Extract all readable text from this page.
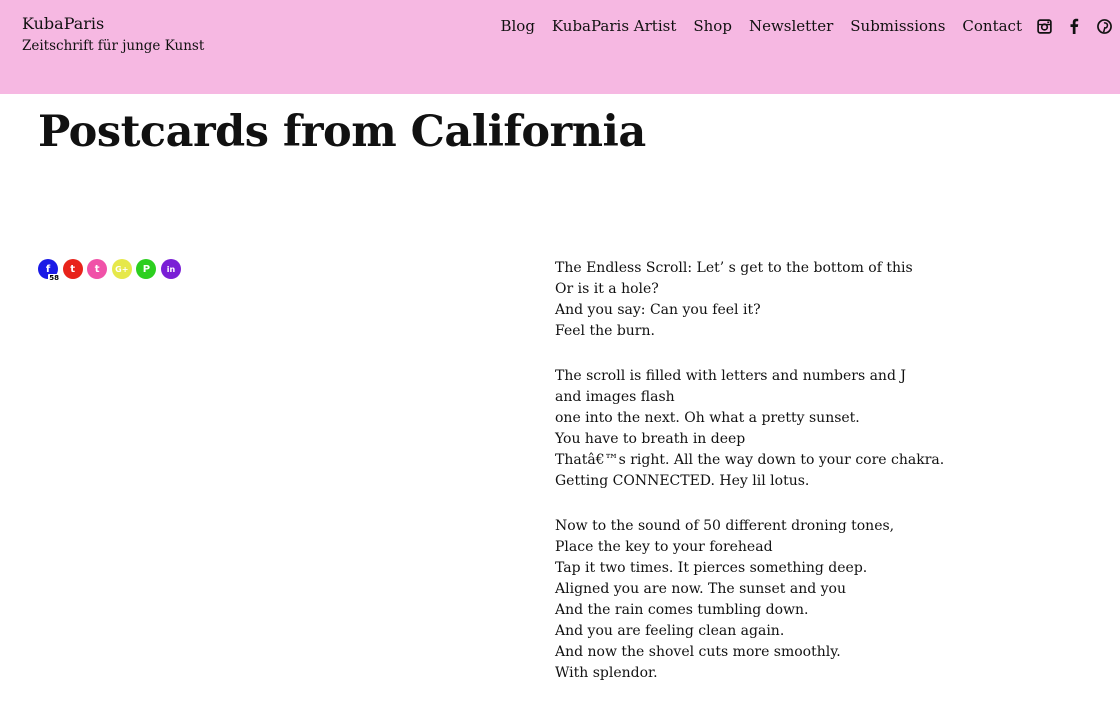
KubaParis
Zeitschrift für junge Kunst
Blog KubaParis Artist Shop Newsletter Submissions Contact
Postcards from California
f
58
t t G+ P in	The Endless Scroll: Let’ s get to the bottom of this
Or is it a hole?
And you say: Can you feel it?
Feel the burn.

The scroll is filled with letters and numbers and J
and images flash
one into the next. Oh what a pretty sunset.
You have to breath in deep
Thatâ€™s right. All the way down to your core chakra.
Getting CONNECTED. Hey lil lotus.

Now to the sound of 50 different droning tones,
Place the key to your forehead
Tap it two times. It pierces something deep.
Aligned you are now. The sunset and you
And the rain comes tumbling down.
And you are feeling clean again.
And now the shovel cuts more smoothly.
With splendor.
